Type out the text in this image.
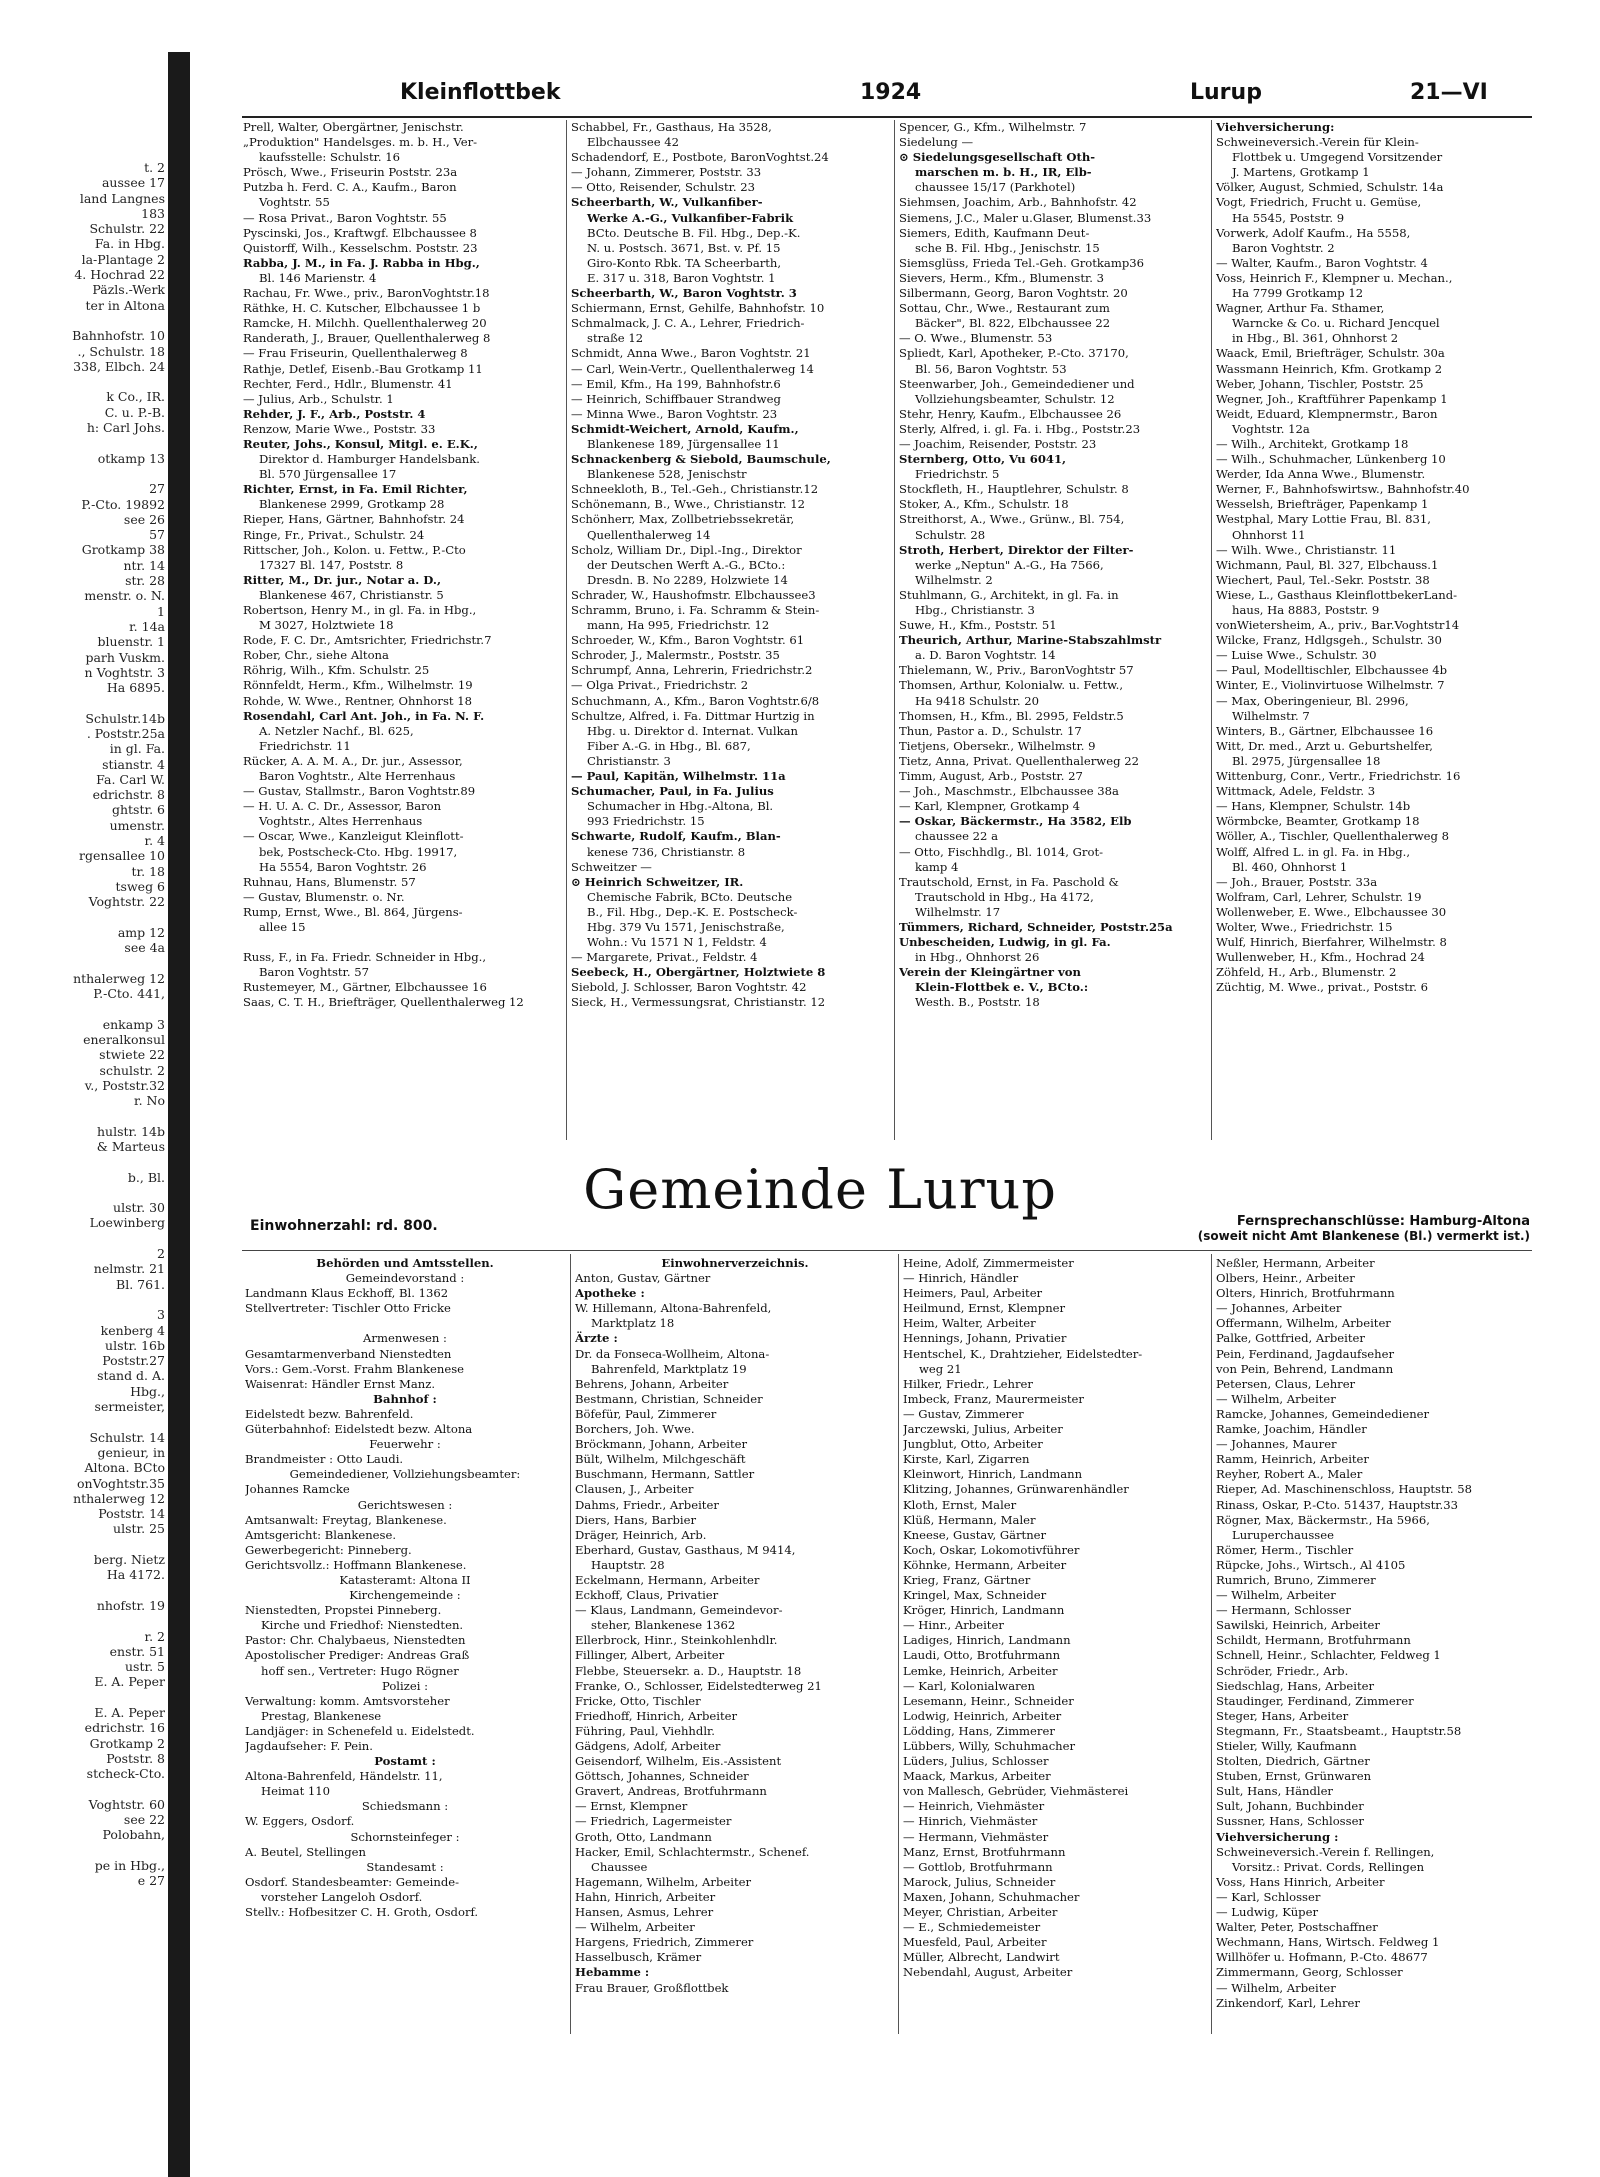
t. 2
aussee 17
land Langnes
183
Schulstr. 22
Fa. in Hbg.
la-Plantage 2
4. Hochrad 22
Päzls.-Werk
ter in Altona

Bahnhofstr. 10
., Schulstr. 18
338, Elbch. 24

k Co., IR.
C. u. P.-B.
h: Carl Johs.

otkamp 13

27
P.-Cto. 19892
see 26
57
Grotkamp 38
ntr. 14
str. 28
menstr. o. N.
1
r. 14a
bluenstr. 1
parh Vuskm.
n Voghtstr. 3
Ha 6895.

Schulstr.14b
. Poststr.25a
in gl. Fa.
stianstr. 4
Fa. Carl W.
edrichstr. 8
ghtstr. 6
umenstr.
r. 4
rgensallee 10
tr. 18
tsweg 6
Voghtstr. 22

amp 12
see 4a

nthalerweg 12
P.-Cto. 441,

enkamp 3
eneralkonsul
stwiete 22
schulstr. 2
v., Poststr.32
r. No

hulstr. 14b
& Marteus

b., Bl.

ulstr. 30
Loewinberg

2
nelmstr. 21
Bl. 761.

3
kenberg 4
ulstr. 16b
Poststr.27
stand d. A.
Hbg.,
sermeister,

Schulstr. 14
genieur, in
Altona. BCto
onVoghtstr.35
nthalerweg 12
Poststr. 14
ulstr. 25

berg. Nietz
Ha 4172.

nhofstr. 19

r. 2
enstr. 51
ustr. 5
E. A. Peper

E. A. Peper
edrichstr. 16
Grotkamp 2
Poststr. 8
stcheck-Cto.

Voghtstr. 60
see 22
Polobahn,

pe in Hbg.,
e 27
Kleinflottbek	1924	Lurup	21—VI
Prell, Walter, Obergärtner, Jenischstr.
„Produktion" Handelsges. m. b. H., Ver-
kaufsstelle: Schulstr. 16
Prösch, Wwe., Friseurin Poststr. 23a
Putzba h. Ferd. C. A., Kaufm., Baron
Voghtstr. 55
— Rosa Privat., Baron Voghtstr. 55
Pyscinski, Jos., Kraftwgf. Elbchaussee 8
Quistorff, Wilh., Kesselschm. Poststr. 23
Rabba, J. M., in Fa. J. Rabba in Hbg.,
Bl. 146 Marienstr. 4
Rachau, Fr. Wwe., priv., BaronVoghtstr.18
Räthke, H. C. Kutscher, Elbchaussee 1 b
Ramcke, H. Milchh. Quellenthalerweg 20
Randerath, J., Brauer, Quellenthalerweg 8
— Frau Friseurin, Quellenthalerweg 8
Rathje, Detlef, Eisenb.-Bau Grotkamp 11
Rechter, Ferd., Hdlr., Blumenstr. 41
— Julius, Arb., Schulstr. 1
Rehder, J. F., Arb., Poststr. 4
Renzow, Marie Wwe., Poststr. 33
Reuter, Johs., Konsul, Mitgl. e. E.K.,
Direktor d. Hamburger Handelsbank.
Bl. 570 Jürgensallee 17
Richter, Ernst, in Fa. Emil Richter,
Blankenese 2999, Grotkamp 28
Rieper, Hans, Gärtner, Bahnhofstr. 24
Ringe, Fr., Privat., Schulstr. 24
Rittscher, Joh., Kolon. u. Fettw., P.-Cto
17327 Bl. 147, Poststr. 8
Ritter, M., Dr. jur., Notar a. D.,
Blankenese 467, Christianstr. 5
Robertson, Henry M., in gl. Fa. in Hbg.,
M 3027, Holztwiete 18
Rode, F. C. Dr., Amtsrichter, Friedrichstr.7
Rober, Chr., siehe Altona
Röhrig, Wilh., Kfm. Schulstr. 25
Rönnfeldt, Herm., Kfm., Wilhelmstr. 19
Rohde, W. Wwe., Rentner, Ohnhorst 18
Rosendahl, Carl Ant. Joh., in Fa. N. F.
A. Netzler Nachf., Bl. 625,
Friedrichstr. 11
Rücker, A. A. M. A., Dr. jur., Assessor,
Baron Voghtstr., Alte Herrenhaus
— Gustav, Stallmstr., Baron Voghtstr.89
— H. U. A. C. Dr., Assessor, Baron
Voghtstr., Altes Herrenhaus
— Oscar, Wwe., Kanzleigut Kleinflott-
bek, Postscheck-Cto. Hbg. 19917,
Ha 5554, Baron Voghtstr. 26
Ruhnau, Hans, Blumenstr. 57
— Gustav, Blumenstr. o. Nr.
Rump, Ernst, Wwe., Bl. 864, Jürgens-
allee 15

Russ, F., in Fa. Friedr. Schneider in Hbg.,
Baron Voghtstr. 57
Rustemeyer, M., Gärtner, Elbchaussee 16
Saas, C. T. H., Briefträger, Quellenthalerweg 12
Schabbel, Fr., Gasthaus, Ha 3528,
Elbchaussee 42
Schadendorf, E., Postbote, BaronVoghtst.24
— Johann, Zimmerer, Poststr. 33
— Otto, Reisender, Schulstr. 23
Scheerbarth, W., Vulkanfiber-
Werke A.-G., Vulkanfiber-Fabrik
BCto. Deutsche B. Fil. Hbg., Dep.-K.
N. u. Postsch. 3671, Bst. v. Pf. 15
Giro-Konto Rbk. TA Scheerbarth,
E. 317 u. 318, Baron Voghtstr. 1
Scheerbarth, W., Baron Voghtstr. 3
Schiermann, Ernst, Gehilfe, Bahnhofstr. 10
Schmalmack, J. C. A., Lehrer, Friedrich-
straße 12
Schmidt, Anna Wwe., Baron Voghtstr. 21
— Carl, Wein-Vertr., Quellenthalerweg 14
— Emil, Kfm., Ha 199, Bahnhofstr.6
— Heinrich, Schiffbauer Strandweg
— Minna Wwe., Baron Voghtstr. 23
Schmidt-Weichert, Arnold, Kaufm.,
Blankenese 189, Jürgensallee 11
Schnackenberg & Siebold, Baumschule,
Blankenese 528, Jenischstr
Schneekloth, B., Tel.-Geh., Christianstr.12
Schönemann, B., Wwe., Christianstr. 12
Schönherr, Max, Zollbetriebssekretär,
Quellenthalerweg 14
Scholz, William Dr., Dipl.-Ing., Direktor
der Deutschen Werft A.-G., BCto.:
Dresdn. B. No 2289, Holzwiete 14
Schrader, W., Haushofmstr. Elbchaussee3
Schramm, Bruno, i. Fa. Schramm & Stein-
mann, Ha 995, Friedrichstr. 12
Schroeder, W., Kfm., Baron Voghtstr. 61
Schroder, J., Malermstr., Poststr. 35
Schrumpf, Anna, Lehrerin, Friedrichstr.2
— Olga Privat., Friedrichstr. 2
Schuchmann, A., Kfm., Baron Voghtstr.6/8
Schultze, Alfred, i. Fa. Dittmar Hurtzig in
Hbg. u. Direktor d. Internat. Vulkan
Fiber A.-G. in Hbg., Bl. 687,
Christianstr. 3
— Paul, Kapitän, Wilhelmstr. 11a
Schumacher, Paul, in Fa. Julius
Schumacher in Hbg.-Altona, Bl.
993 Friedrichstr. 15
Schwarte, Rudolf, Kaufm., Blan-
kenese 736, Christianstr. 8
Schweitzer —
⊙ Heinrich Schweitzer, IR.
Chemische Fabrik, BCto. Deutsche
B., Fil. Hbg., Dep.-K. E. Postscheck-
Hbg. 379 Vu 1571, Jenischstraße,
Wohn.: Vu 1571 N 1, Feldstr. 4
— Margarete, Privat., Feldstr. 4
Seebeck, H., Obergärtner, Holztwiete 8
Siebold, J. Schlosser, Baron Voghtstr. 42
Sieck, H., Vermessungsrat, Christianstr. 12
Spencer, G., Kfm., Wilhelmstr. 7
Siedelung —
⊙ Siedelungsgesellschaft Oth-
marschen m. b. H., IR, Elb-
chaussee 15/17 (Parkhotel)
Siehmsen, Joachim, Arb., Bahnhofstr. 42
Siemens, J.C., Maler u.Glaser, Blumenst.33
Siemers, Edith, Kaufmann Deut-
sche B. Fil. Hbg., Jenischstr. 15
Siemsglüss, Frieda Tel.-Geh. Grotkamp36
Sievers, Herm., Kfm., Blumenstr. 3
Silbermann, Georg, Baron Voghtstr. 20
Sottau, Chr., Wwe., Restaurant zum
Bäcker", Bl. 822, Elbchaussee 22
— O. Wwe., Blumenstr. 53
Spliedt, Karl, Apotheker, P.-Cto. 37170,
Bl. 56, Baron Voghtstr. 53
Steenwarber, Joh., Gemeindediener und
Vollziehungsbeamter, Schulstr. 12
Stehr, Henry, Kaufm., Elbchaussee 26
Sterly, Alfred, i. gl. Fa. i. Hbg., Poststr.23
— Joachim, Reisender, Poststr. 23
Sternberg, Otto, Vu 6041,
Friedrichstr. 5
Stockfleth, H., Hauptlehrer, Schulstr. 8
Stoker, A., Kfm., Schulstr. 18
Streithorst, A., Wwe., Grünw., Bl. 754,
Schulstr. 28
Stroth, Herbert, Direktor der Filter-
werke „Neptun" A.-G., Ha 7566,
Wilhelmstr. 2
Stuhlmann, G., Architekt, in gl. Fa. in
Hbg., Christianstr. 3
Suwe, H., Kfm., Poststr. 51
Theurich, Arthur, Marine-Stabszahlmstr
a. D. Baron Voghtstr. 14
Thielemann, W., Priv., BaronVoghtstr 57
Thomsen, Arthur, Kolonialw. u. Fettw.,
Ha 9418 Schulstr. 20
Thomsen, H., Kfm., Bl. 2995, Feldstr.5
Thun, Pastor a. D., Schulstr. 17
Tietjens, Obersekr., Wilhelmstr. 9
Tietz, Anna, Privat. Quellenthalerweg 22
Timm, August, Arb., Poststr. 27
— Joh., Maschmstr., Elbchaussee 38a
— Karl, Klempner, Grotkamp 4
— Oskar, Bäckermstr., Ha 3582, Elb
chaussee 22 a
— Otto, Fischhdlg., Bl. 1014, Grot-
kamp 4
Trautschold, Ernst, in Fa. Paschold &
Trautschold in Hbg., Ha 4172,
Wilhelmstr. 17
Tümmers, Richard, Schneider, Poststr.25a
Unbescheiden, Ludwig, in gl. Fa.
in Hbg., Ohnhorst 26
Verein der Kleingärtner von
Klein-Flottbek e. V., BCto.:
Westh. B., Poststr. 18
Viehversicherung:
Schweineversich.-Verein für Klein-
Flottbek u. Umgegend Vorsitzender
J. Martens, Grotkamp 1
Völker, August, Schmied, Schulstr. 14a
Vogt, Friedrich, Frucht u. Gemüse,
Ha 5545, Poststr. 9
Vorwerk, Adolf Kaufm., Ha 5558,
Baron Voghtstr. 2
— Walter, Kaufm., Baron Voghtstr. 4
Voss, Heinrich F., Klempner u. Mechan.,
Ha 7799 Grotkamp 12
Wagner, Arthur Fa. Sthamer,
Warncke & Co. u. Richard Jencquel
in Hbg., Bl. 361, Ohnhorst 2
Waack, Emil, Briefträger, Schulstr. 30a
Wassmann Heinrich, Kfm. Grotkamp 2
Weber, Johann, Tischler, Poststr. 25
Wegner, Joh., Kraftführer Papenkamp 1
Weidt, Eduard, Klempnermstr., Baron
Voghtstr. 12a
— Wilh., Architekt, Grotkamp 18
— Wilh., Schuhmacher, Lünkenberg 10
Werder, Ida Anna Wwe., Blumenstr.
Werner, F., Bahnhofswirtsw., Bahnhofstr.40
Wesselsh, Briefträger, Papenkamp 1
Westphal, Mary Lottie Frau, Bl. 831,
Ohnhorst 11
— Wilh. Wwe., Christianstr. 11
Wichmann, Paul, Bl. 327, Elbchauss.1
Wiechert, Paul, Tel.-Sekr. Poststr. 38
Wiese, L., Gasthaus KleinflottbekerLand-
haus, Ha 8883, Poststr. 9
vonWietersheim, A., priv., Bar.Voghtstr14
Wilcke, Franz, Hdlgsgeh., Schulstr. 30
— Luise Wwe., Schulstr. 30
— Paul, Modelltischler, Elbchaussee 4b
Winter, E., Violinvirtuose Wilhelmstr. 7
— Max, Oberingenieur, Bl. 2996,
Wilhelmstr. 7
Winters, B., Gärtner, Elbchaussee 16
Witt, Dr. med., Arzt u. Geburtshelfer,
Bl. 2975, Jürgensallee 18
Wittenburg, Conr., Vertr., Friedrichstr. 16
Wittmack, Adele, Feldstr. 3
— Hans, Klempner, Schulstr. 14b
Wörmbcke, Beamter, Grotkamp 18
Wöller, A., Tischler, Quellenthalerweg 8
Wolff, Alfred L. in gl. Fa. in Hbg.,
Bl. 460, Ohnhorst 1
— Joh., Brauer, Poststr. 33a
Wolfram, Carl, Lehrer, Schulstr. 19
Wollenweber, E. Wwe., Elbchaussee 30
Wolter, Wwe., Friedrichstr. 15
Wulf, Hinrich, Bierfahrer, Wilhelmstr. 8
Wullenweber, H., Kfm., Hochrad 24
Zöhfeld, H., Arb., Blumenstr. 2
Züchtig, M. Wwe., privat., Poststr. 6
Gemeinde Lurup
Einwohnerzahl: rd. 800.	Fernsprechanschlüsse: Hamburg-Altona
(soweit nicht Amt Blankenese (Bl.) vermerkt ist.)
Behörden und Amtsstellen.
Gemeindevorstand :
Landmann Klaus Eckhoff, Bl. 1362
Stellvertreter: Tischler Otto Fricke

Armenwesen :
Gesamtarmenverband Nienstedten
Vors.: Gem.-Vorst. Frahm Blankenese
Waisenrat: Händler Ernst Manz.
Bahnhof :
Eidelstedt bezw. Bahrenfeld.
Güterbahnhof: Eidelstedt bezw. Altona
Feuerwehr :
Brandmeister : Otto Laudi.
Gemeindediener, Vollziehungsbeamter:
Johannes Ramcke
Gerichtswesen :
Amtsanwalt: Freytag, Blankenese.
Amtsgericht: Blankenese.
Gewerbegericht: Pinneberg.
Gerichtsvollz.: Hoffmann Blankenese.
Katasteramt: Altona II
Kirchengemeinde :
Nienstedten, Propstei Pinneberg.
Kirche und Friedhof: Nienstedten.
Pastor: Chr. Chalybaeus, Nienstedten
Apostolischer Prediger: Andreas Graß
hoff sen., Vertreter: Hugo Rögner
Polizei :
Verwaltung: komm. Amtsvorsteher
Prestag, Blankenese
Landjäger: in Schenefeld u. Eidelstedt.
Jagdaufseher: F. Pein.
Postamt :
Altona-Bahrenfeld, Händelstr. 11,
Heimat 110
Schiedsmann :
W. Eggers, Osdorf.
Schornsteinfeger :
A. Beutel, Stellingen
Standesamt :
Osdorf. Standesbeamter: Gemeinde-
vorsteher Langeloh Osdorf.
Stellv.: Hofbesitzer C. H. Groth, Osdorf.
Einwohnerverzeichnis.
Anton, Gustav, Gärtner
Apotheke :
W. Hillemann, Altona-Bahrenfeld,
Marktplatz 18
Ärzte :
Dr. da Fonseca-Wollheim, Altona-
Bahrenfeld, Marktplatz 19
Behrens, Johann, Arbeiter
Bestmann, Christian, Schneider
Böfefür, Paul, Zimmerer
Borchers, Joh. Wwe.
Bröckmann, Johann, Arbeiter
Bült, Wilhelm, Milchgeschäft
Buschmann, Hermann, Sattler
Clausen, J., Arbeiter
Dahms, Friedr., Arbeiter
Diers, Hans, Barbier
Dräger, Heinrich, Arb.
Eberhard, Gustav, Gasthaus, M 9414,
Hauptstr. 28
Eckelmann, Hermann, Arbeiter
Eckhoff, Claus, Privatier
— Klaus, Landmann, Gemeindevor-
steher, Blankenese 1362
Ellerbrock, Hinr., Steinkohlenhdlr.
Fillinger, Albert, Arbeiter
Flebbe, Steuersekr. a. D., Hauptstr. 18
Franke, O., Schlosser, Eidelstedterweg 21
Fricke, Otto, Tischler
Friedhoff, Hinrich, Arbeiter
Führing, Paul, Viehhdlr.
Gädgens, Adolf, Arbeiter
Geisendorf, Wilhelm, Eis.-Assistent
Göttsch, Johannes, Schneider
Gravert, Andreas, Brotfuhrmann
— Ernst, Klempner
— Friedrich, Lagermeister
Groth, Otto, Landmann
Hacker, Emil, Schlachtermstr., Schenef.
Chaussee
Hagemann, Wilhelm, Arbeiter
Hahn, Hinrich, Arbeiter
Hansen, Asmus, Lehrer
— Wilhelm, Arbeiter
Hargens, Friedrich, Zimmerer
Hasselbusch, Krämer
Hebamme :
Frau Brauer, Großflottbek
Heine, Adolf, Zimmermeister
— Hinrich, Händler
Heimers, Paul, Arbeiter
Heilmund, Ernst, Klempner
Heim, Walter, Arbeiter
Hennings, Johann, Privatier
Hentschel, K., Drahtzieher, Eidelstedter-
weg 21
Hilker, Friedr., Lehrer
Imbeck, Franz, Maurermeister
— Gustav, Zimmerer
Jarczewski, Julius, Arbeiter
Jungblut, Otto, Arbeiter
Kirste, Karl, Zigarren
Kleinwort, Hinrich, Landmann
Klitzing, Johannes, Grünwarenhändler
Kloth, Ernst, Maler
Klüß, Hermann, Maler
Kneese, Gustav, Gärtner
Koch, Oskar, Lokomotivführer
Köhnke, Hermann, Arbeiter
Krieg, Franz, Gärtner
Kringel, Max, Schneider
Kröger, Hinrich, Landmann
— Hinr., Arbeiter
Ladiges, Hinrich, Landmann
Laudi, Otto, Brotfuhrmann
Lemke, Heinrich, Arbeiter
— Karl, Kolonialwaren
Lesemann, Heinr., Schneider
Lodwig, Heinrich, Arbeiter
Lödding, Hans, Zimmerer
Lübbers, Willy, Schuhmacher
Lüders, Julius, Schlosser
Maack, Markus, Arbeiter
von Mallesch, Gebrüder, Viehmästerei
— Heinrich, Viehmäster
— Hinrich, Viehmäster
— Hermann, Viehmäster
Manz, Ernst, Brotfuhrmann
— Gottlob, Brotfuhrmann
Marock, Julius, Schneider
Maxen, Johann, Schuhmacher
Meyer, Christian, Arbeiter
— E., Schmiedemeister
Muesfeld, Paul, Arbeiter
Müller, Albrecht, Landwirt
Nebendahl, August, Arbeiter
Neßler, Hermann, Arbeiter
Olbers, Heinr., Arbeiter
Olters, Hinrich, Brotfuhrmann
— Johannes, Arbeiter
Offermann, Wilhelm, Arbeiter
Palke, Gottfried, Arbeiter
Pein, Ferdinand, Jagdaufseher
von Pein, Behrend, Landmann
Petersen, Claus, Lehrer
— Wilhelm, Arbeiter
Ramcke, Johannes, Gemeindediener
Ramke, Joachim, Händler
— Johannes, Maurer
Ramm, Heinrich, Arbeiter
Reyher, Robert A., Maler
Rieper, Ad. Maschinenschloss, Hauptstr. 58
Rinass, Oskar, P.-Cto. 51437, Hauptstr.33
Rögner, Max, Bäckermstr., Ha 5966,
Luruperchaussee
Römer, Herm., Tischler
Rüpcke, Johs., Wirtsch., Al 4105
Rumrich, Bruno, Zimmerer
— Wilhelm, Arbeiter
— Hermann, Schlosser
Sawilski, Heinrich, Arbeiter
Schildt, Hermann, Brotfuhrmann
Schnell, Heinr., Schlachter, Feldweg 1
Schröder, Friedr., Arb.
Siedschlag, Hans, Arbeiter
Staudinger, Ferdinand, Zimmerer
Steger, Hans, Arbeiter
Stegmann, Fr., Staatsbeamt., Hauptstr.58
Stieler, Willy, Kaufmann
Stolten, Diedrich, Gärtner
Stuben, Ernst, Grünwaren
Sult, Hans, Händler
Sult, Johann, Buchbinder
Sussner, Hans, Schlosser
Viehversicherung :
Schweineversich.-Verein f. Rellingen,
Vorsitz.: Privat. Cords, Rellingen
Voss, Hans Hinrich, Arbeiter
— Karl, Schlosser
— Ludwig, Küper
Walter, Peter, Postschaffner
Wechmann, Hans, Wirtsch. Feldweg 1
Willhöfer u. Hofmann, P.-Cto. 48677
Zimmermann, Georg, Schlosser
— Wilhelm, Arbeiter
Zinkendorf, Karl, Lehrer
